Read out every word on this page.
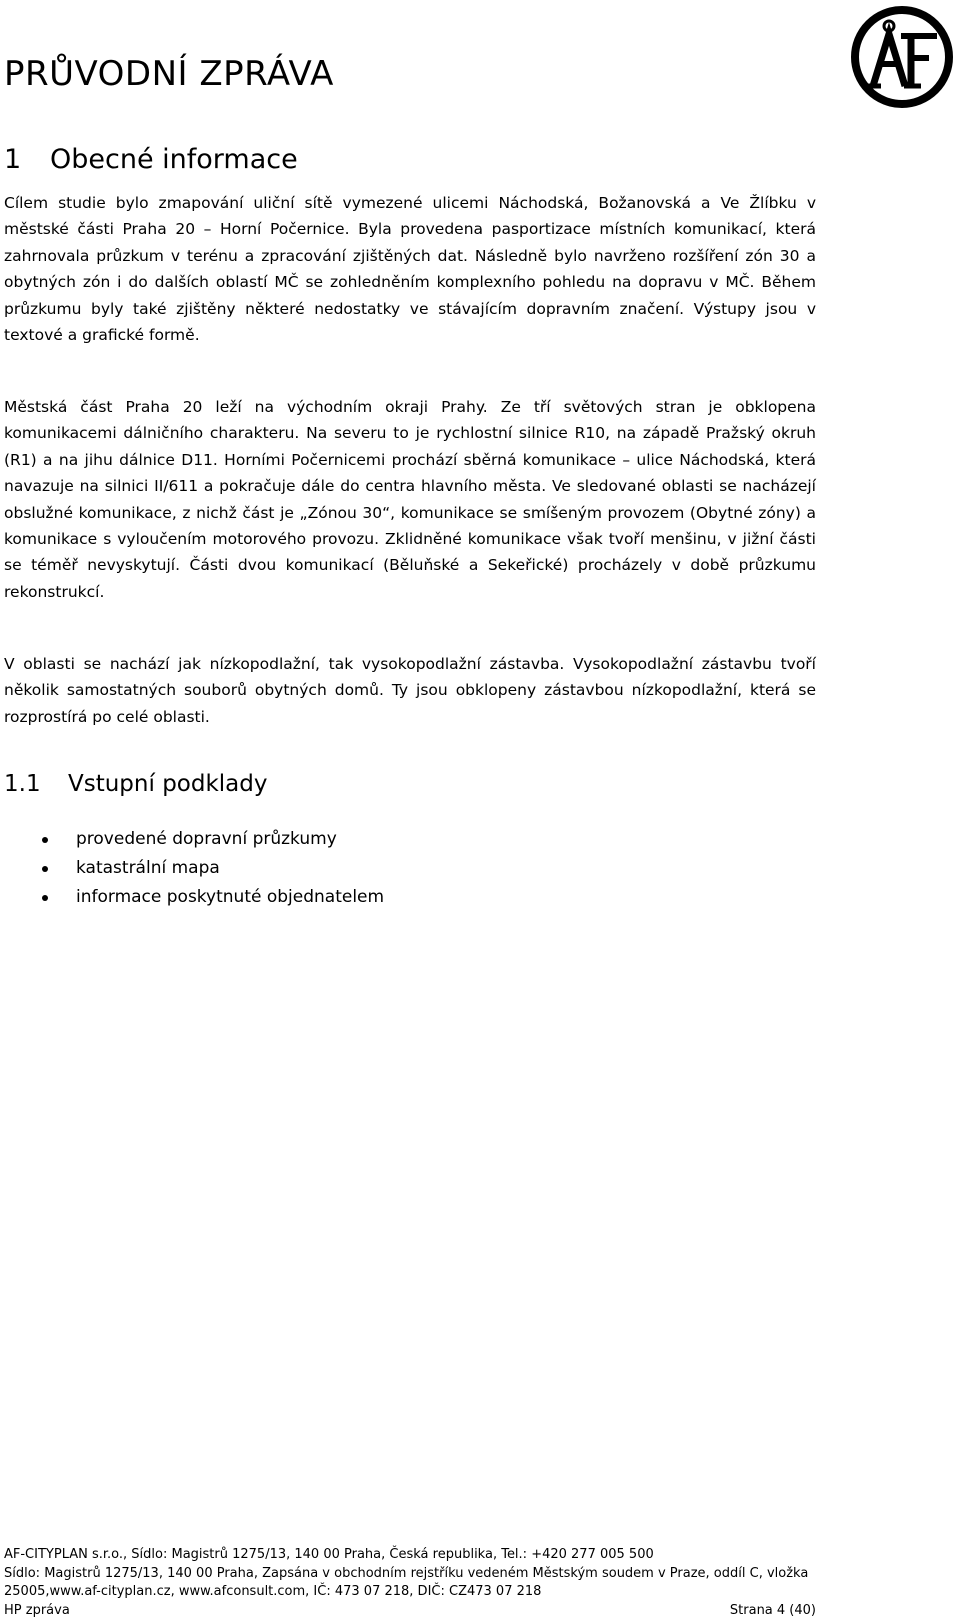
PRŮVODNÍ ZPRÁVA
1	Obecné informace

Cílem studie bylo zmapování uliční sítě vymezené ulicemi Náchodská, Božanovská a Ve Žlíbku v městské části Praha 20 – Horní Počernice. Byla provedena pasportizace místních komunikací, která zahrnovala průzkum v terénu a zpracování zjištěných dat. Následně bylo navrženo rozšíření zón 30 a obytných zón i do dalších oblastí MČ se zohledněním komplexního pohledu na dopravu v MČ. Během průzkumu byly také zjištěny některé nedostatky ve stávajícím dopravním značení. Výstupy jsou v textové a grafické formě.

Městská část Praha 20 leží na východním okraji Prahy. Ze tří světových stran je obklopena komunikacemi dálničního charakteru. Na severu to je rychlostní silnice R10, na západě Pražský okruh (R1) a na jihu dálnice D11. Horními Počernicemi prochází sběrná komunikace – ulice Náchodská, která navazuje na silnici II/611 a pokračuje dále do centra hlavního města. Ve sledované oblasti se nacházejí obslužné komunikace, z nichž část je „Zónou 30“, komunikace se smíšeným provozem (Obytné zóny) a komunikace s vyloučením motorového provozu. Zklidněné komunikace však tvoří menšinu, v jižní části se téměř nevyskytují. Části dvou komunikací (Běluňské a Sekeřické) procházely v době průzkumu rekonstrukcí.

V oblasti se nachází jak nízkopodlažní, tak vysokopodlažní zástavba. Vysokopodlažní zástavbu tvoří několik samostatných souborů obytných domů. Ty jsou obklopeny zástavbou nízkopodlažní, která se rozprostírá po celé oblasti.

1.1	Vstupní podklady
provedené dopravní průzkumy
katastrální mapa
informace poskytnuté objednatelem
AF-CITYPLAN s.r.o., Sídlo: Magistrů 1275/13, 140 00 Praha, Česká republika, Tel.: +420 277 005 500
Sídlo: Magistrů 1275/13, 140 00 Praha, Zapsána v obchodním rejstříku vedeném Městským soudem v Praze, oddíl C, vložka
25005,www.af-cityplan.cz, www.afconsult.com, IČ: 473 07 218, DIČ: CZ473 07 218
HP zpráva	Strana 4 (40)
